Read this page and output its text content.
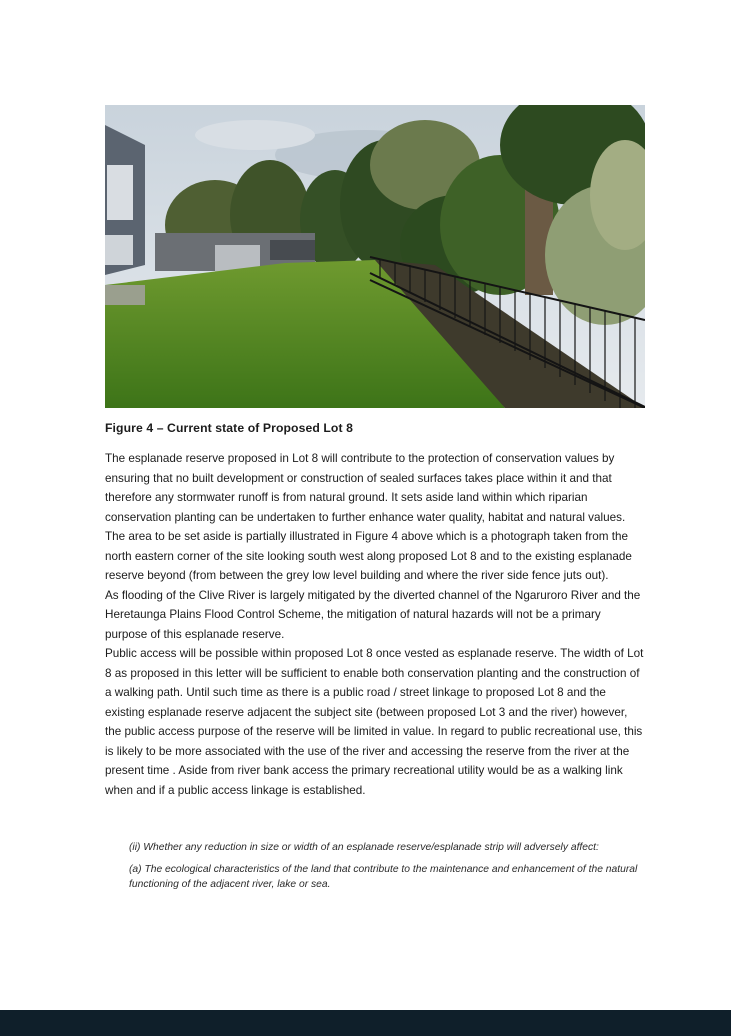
Figure 4 – Current state of Proposed Lot 8

The esplanade reserve proposed in Lot 8 will contribute to the protection of conservation values by ensuring that no built development or construction of sealed surfaces takes place within it and that therefore any stormwater runoff is from natural ground. It sets aside land within which riparian conservation planting can be undertaken to further enhance water quality, habitat and natural values. The area to be set aside is partially illustrated in Figure 4 above which is a photograph taken from the north eastern corner of the site looking south west along proposed Lot 8 and to the existing esplanade reserve beyond (from between the grey low level building and where the river side fence juts out).

As flooding of the Clive River is largely mitigated by the diverted channel of the Ngaruroro River and the Heretaunga Plains Flood Control Scheme, the mitigation of natural hazards will not be a primary purpose of this esplanade reserve.

Public access will be possible within proposed Lot 8 once vested as esplanade reserve. The width of Lot 8 as proposed in this letter will be sufficient to enable both conservation planting and the construction of a walking path. Until such time as there is a public road / street linkage to proposed Lot 8 and the existing esplanade reserve adjacent the subject site (between proposed Lot 3 and the river) however, the public access purpose of the reserve will be limited in value. In regard to public recreational use, this is likely to be more associated with the use of the river and accessing the reserve from the river at the present time . Aside from river bank access the primary recreational utility would be as a walking link when and if a public access linkage is established.

(ii) Whether any reduction in size or width of an esplanade reserve/esplanade strip will adversely affect:

(a) The ecological characteristics of the land that contribute to the maintenance and enhancement of the natural functioning of the adjacent river, lake or sea.
